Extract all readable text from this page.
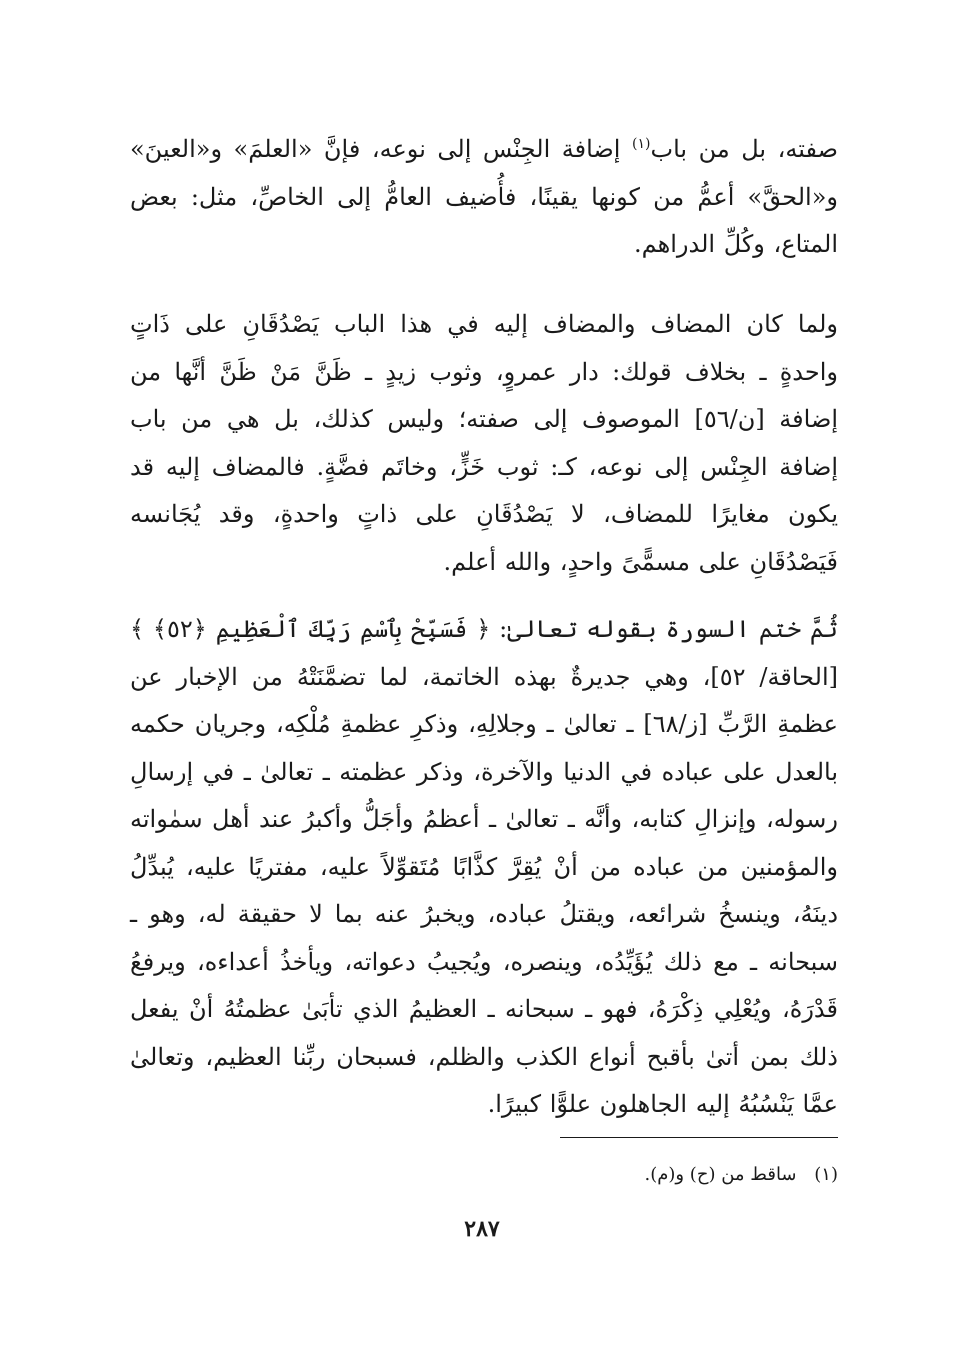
صفته، بل من باب$^{(١)}$ إضافة الجِنْس إلى نوعه، فإنَّ «العلمَ» و«العينَ» و«الحقَّ» أعمُّ من كونها يقينًا، فأُضيف العامُّ إلى الخاصِّ، مثل: بعض المتاع، وكُلِّ الدراهم.

ولما كان المضاف والمضاف إليه في هذا الباب يَصْدُقَانِ على ذَاتٍ واحدةٍ ـ بخلاف قولك: دار عمروٍ، وثوب زيدٍ ـ ظَنَّ مَنْ ظَنَّ أنَّها من إضافة [ن/٥٦] الموصوف إلى صفته؛ وليس كذلك، بل هي من باب إضافة الجِنْس إلى نوعه، كـ: ثوب خَزٍّ، وخاتَم فضَّةٍ. فالمضاف إليه قد يكون مغايرًا للمضاف، لا يَصْدُقَانِ على ذاتٍ واحدةٍ، وقد يُجَانسه فَيَصْدُقَانِ على مسمًّىً واحدٍ، والله أعلم.

ثُمَّ ختم السورة بقوله تعالىٰ: ﴿ فَسَبِّحْ بِٱسْمِ رَبِّكَ ٱلْعَظِيمِ ﴿٥٢﴾ ﴾ [الحاقة/ ٥٢]، وهي جديرةٌ بهذه الخاتمة، لما تضمَّنَتْهُ من الإخبار عن عظمةِ الرَّبِّ [ز/٦٨] ـ تعالىٰ ـ وجلالِهِ، وذكرِ عظمةِ مُلْكِه، وجريان حكمه بالعدل على عباده في الدنيا والآخرة، وذكر عظمته ـ تعالىٰ ـ في إرسالِ رسوله، وإنزالِ كتابه، وأنَّه ـ تعالىٰ ـ أعظمُ وأجَلُّ وأكبرُ عند أهل سمٰواته والمؤمنين من عباده من أنْ يُقِرَّ كذَّابًا مُتَقوِّلاً عليه، مفتريًا عليه، يُبدِّلُ دينَهُ، وينسخُ شرائعه، ويقتلُ عباده، ويخبرُ عنه بما لا حقيقة له، وهو ـ سبحانه ـ مع ذلك يُؤَيِّدُه، وينصره، ويُجيبُ دعواته، ويأخذُ أعداءه، ويرفعُ قَدْرَهُ، ويُعْلِي ذِكْرَهُ، فهو ـ سبحانه ـ العظيمُ الذي تأبَىٰ عظمتُهُ أنْ يفعل ذلك بمن أتىٰ بأقبح أنواع الكذب والظلم، فسبحان ربِّنا العظيم، وتعالىٰ عمَّا يَنْسُبُهُ إليه الجاهلون علوًّا كبيرًا.

(١) ساقط من (ح) و(م).
٢٨٧
